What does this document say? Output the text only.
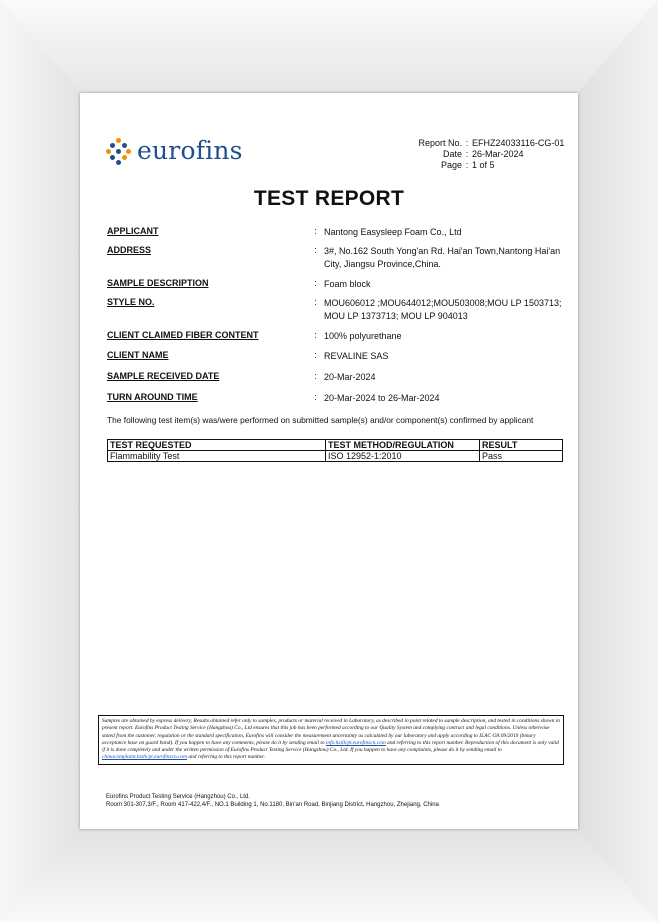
eurofins	Report No. : EFHZ24033116-CG-01
Date : 26-Mar-2024
Page : 1 of 5
TEST REPORT
APPLICANT	: Nantong Easysleep Foam Co., Ltd
ADDRESS	: 3#, No.162 South Yong'an Rd. Hai'an Town,Nantong Hai'an City, Jiangsu Province,China.
SAMPLE DESCRIPTION	: Foam block
STYLE NO.	: MOU606012 ;MOU644012;MOU503008;MOU LP 1503713; MOU LP 1373713; MOU LP 904013
CLIENT CLAIMED FIBER CONTENT	: 100% polyurethane
CLIENT NAME	: REVALINE SAS
SAMPLE RECEIVED DATE	: 20-Mar-2024
TURN AROUND TIME	: 20-Mar-2024 to 26-Mar-2024
The following test item(s) was/were performed on submitted sample(s) and/or component(s) confirmed by applicant
TEST REQUESTED	TEST METHOD/REGULATION	RESULT
Flammability Test	ISO 12952-1:2010	Pass
Samples are obtained by express delivery, Results obtained refer only to samples, products or material received in Laboratory, as described in point related to sample description, and tested in conditions shown in present report. Eurofins Product Testing Service (Hangzhou) Co., Ltd ensures that this job has been performed according to our Quality System and complying contract and legal conditions. Unless otherwise stated from the customer, regulation or the standard specification, Eurofins will consider the measurement uncertainty as calculated by our laboratory and apply according to ILAC G8:09/2019 (binary acceptance base on guard band). If you happen to have any comments, please do it by sending email to info.hzillcpt.eurofinscn.com and referring to this report number. Reproduction of this document is only valid if it is done completely and under the written permission of Eurofins Product Testing Service (Hangzhou) Co., Ltd. If you happen to have any complaints, please do it by sending email to chinacomplaint.hzillcpt.eurofinscn.com and referring to this report number.
Eurofins Product Testing Service (Hangzhou) Co., Ltd.
Room 301-307,3/F., Room 417-422,4/F., NO.1 Building 1, No.1180, Bin'an Road, Binjiang District, Hangzhou, Zhejiang, China
